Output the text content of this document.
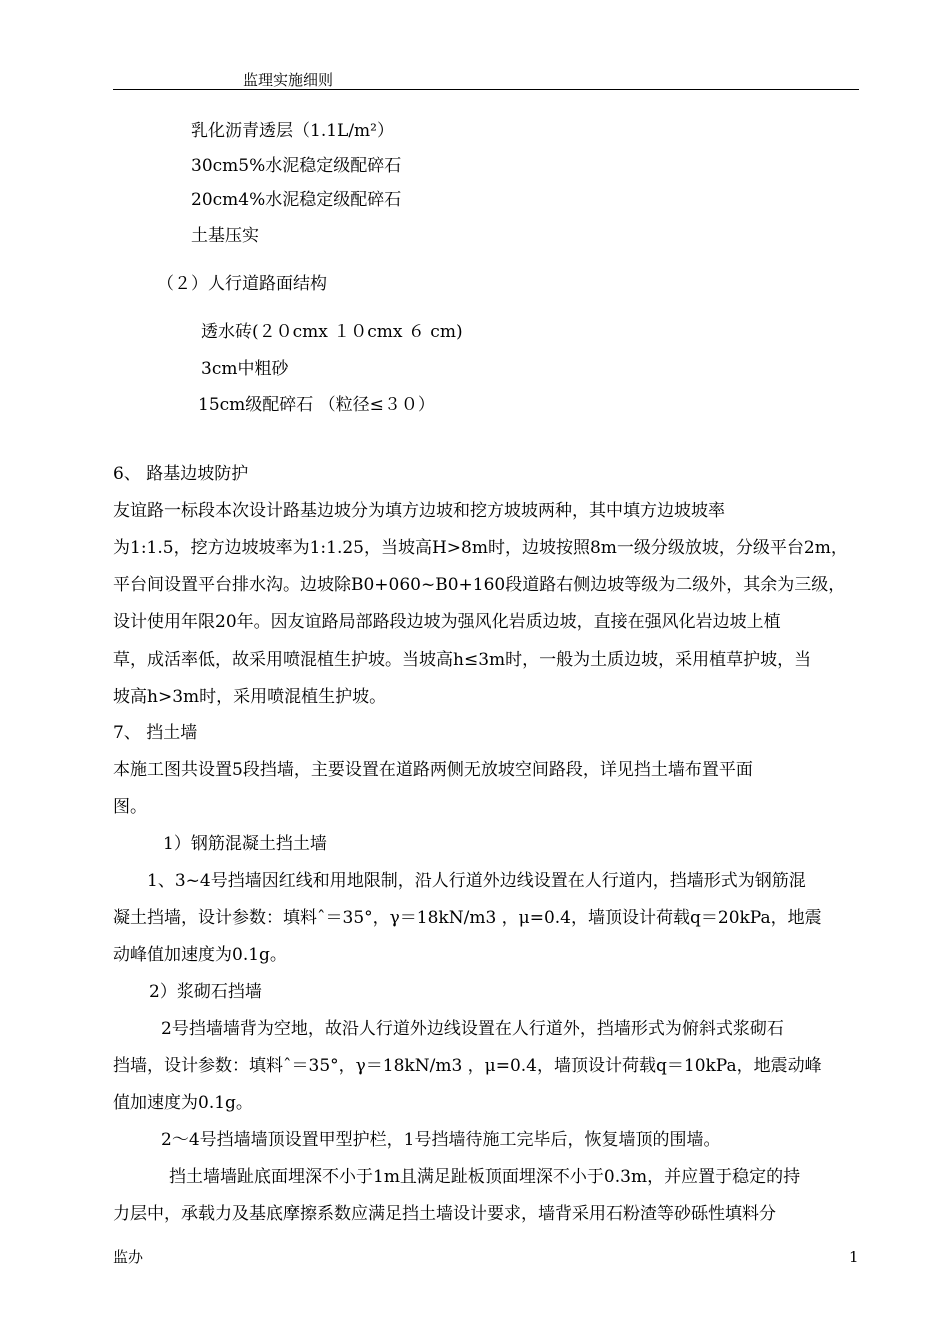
监理实施细则
乳化沥青透层（1.1L/m²）
30cm5%水泥稳定级配碎石
20cm4%水泥稳定级配碎石
土基压实
（２）人行道路面结构
透水砖(２０cmx １０cmx ６ cm)
3cm中粗砂
15cm级配碎石 （粒径≤３０）
6、 路基边坡防护
友谊路一标段本次设计路基边坡分为填方边坡和挖方坡坡两种，其中填方边坡坡率
为1:1.5，挖方边坡坡率为1:1.25，当坡高H>8m时，边坡按照8m一级分级放坡，分级平台2m，
平台间设置平台排水沟。边坡除B0+060~B0+160段道路右侧边坡等级为二级外，其余为三级，
设计使用年限20年。因友谊路局部路段边坡为强风化岩质边坡，直接在强风化岩边坡上植
草，成活率低，故采用喷混植生护坡。当坡高h≤3m时，一般为土质边坡，采用植草护坡，当
坡高h>3m时，采用喷混植生护坡。
7、 挡土墙
本施工图共设置5段挡墙，主要设置在道路两侧无放坡空间路段，详见挡土墙布置平面
图。
1）钢筋混凝土挡土墙
1、3~4号挡墙因红线和用地限制，沿人行道外边线设置在人行道内，挡墙形式为钢筋混
凝土挡墙，设计参数：填料ˆ＝35°，γ＝18kN/m3 ，μ=0.4，墙顶设计荷载q＝20kPa，地震
动峰值加速度为0.1g。
2）浆砌石挡墙
2号挡墙墙背为空地，故沿人行道外边线设置在人行道外，挡墙形式为俯斜式浆砌石
挡墙，设计参数：填料ˆ＝35°，γ＝18kN/m3 ，μ=0.4，墙顶设计荷载q＝10kPa，地震动峰
值加速度为0.1g。
2～4号挡墙墙顶设置甲型护栏，1号挡墙待施工完毕后，恢复墙顶的围墙。
挡土墙墙趾底面埋深不小于1m且满足趾板顶面埋深不小于0.3m，并应置于稳定的持
力层中，承载力及基底摩擦系数应满足挡土墙设计要求，墙背采用石粉渣等砂砾性填料分
监办	1
